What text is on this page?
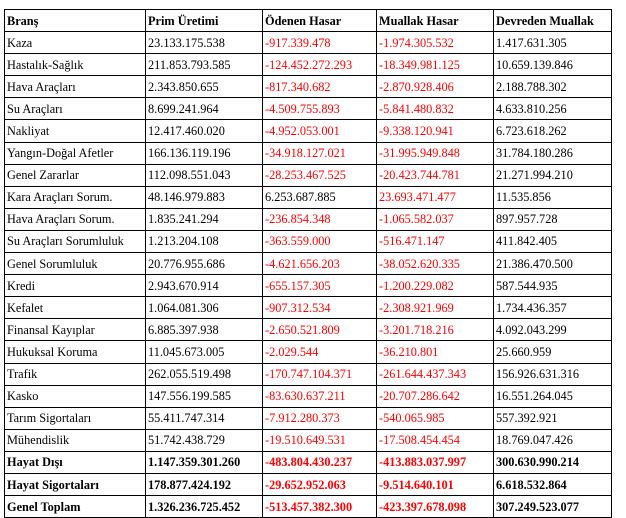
Branş	Prim Üretimi	Ödenen Hasar	Muallak Hasar	Devreden Muallak
Kaza	23.133.175.538	-917.339.478	-1.974.305.532	1.417.631.305
Hastalık-Sağlık	211.853.793.585	-124.452.272.293	-18.349.981.125	10.659.139.846
Hava Araçları	2.343.850.655	-817.340.682	-2.870.928.406	2.188.788.302
Su Araçları	8.699.241.964	-4.509.755.893	-5.841.480.832	4.633.810.256
Nakliyat	12.417.460.020	-4.952.053.001	-9.338.120.941	6.723.618.262
Yangın-Doğal Afetler	166.136.119.196	-34.918.127.021	-31.995.949.848	31.784.180.286
Genel Zararlar	112.098.551.043	-28.253.467.525	-20.423.744.781	21.271.994.210
Kara Araçları Sorum.	48.146.979.883	6.253.687.885	23.693.471.477	11.535.856
Hava Araçları Sorum.	1.835.241.294	-236.854.348	-1.065.582.037	897.957.728
Su Araçları Sorumluluk	1.213.204.108	-363.559.000	-516.471.147	411.842.405
Genel Sorumluluk	20.776.955.686	-4.621.656.203	-38.052.620.335	21.386.470.500
Kredi	2.943.670.914	-655.157.305	-1.200.229.082	587.544.935
Kefalet	1.064.081.306	-907.312.534	-2.308.921.969	1.734.436.357
Finansal Kayıplar	6.885.397.938	-2.650.521.809	-3.201.718.216	4.092.043.299
Hukuksal Koruma	11.045.673.005	-2.029.544	-36.210.801	25.660.959
Trafik	262.055.519.498	-170.747.104.371	-261.644.437.343	156.926.631.316
Kasko	147.556.199.585	-83.630.637.211	-20.707.286.642	16.551.264.045
Tarım Sigortaları	55.411.747.314	-7.912.280.373	-540.065.985	557.392.921
Mühendislik	51.742.438.729	-19.510.649.531	-17.508.454.454	18.769.047.426
Hayat Dışı	1.147.359.301.260	-483.804.430.237	-413.883.037.997	300.630.990.214
Hayat Sigortaları	178.877.424.192	-29.652.952.063	-9.514.640.101	6.618.532.864
Genel Toplam	1.326.236.725.452	-513.457.382.300	-423.397.678.098	307.249.523.077
